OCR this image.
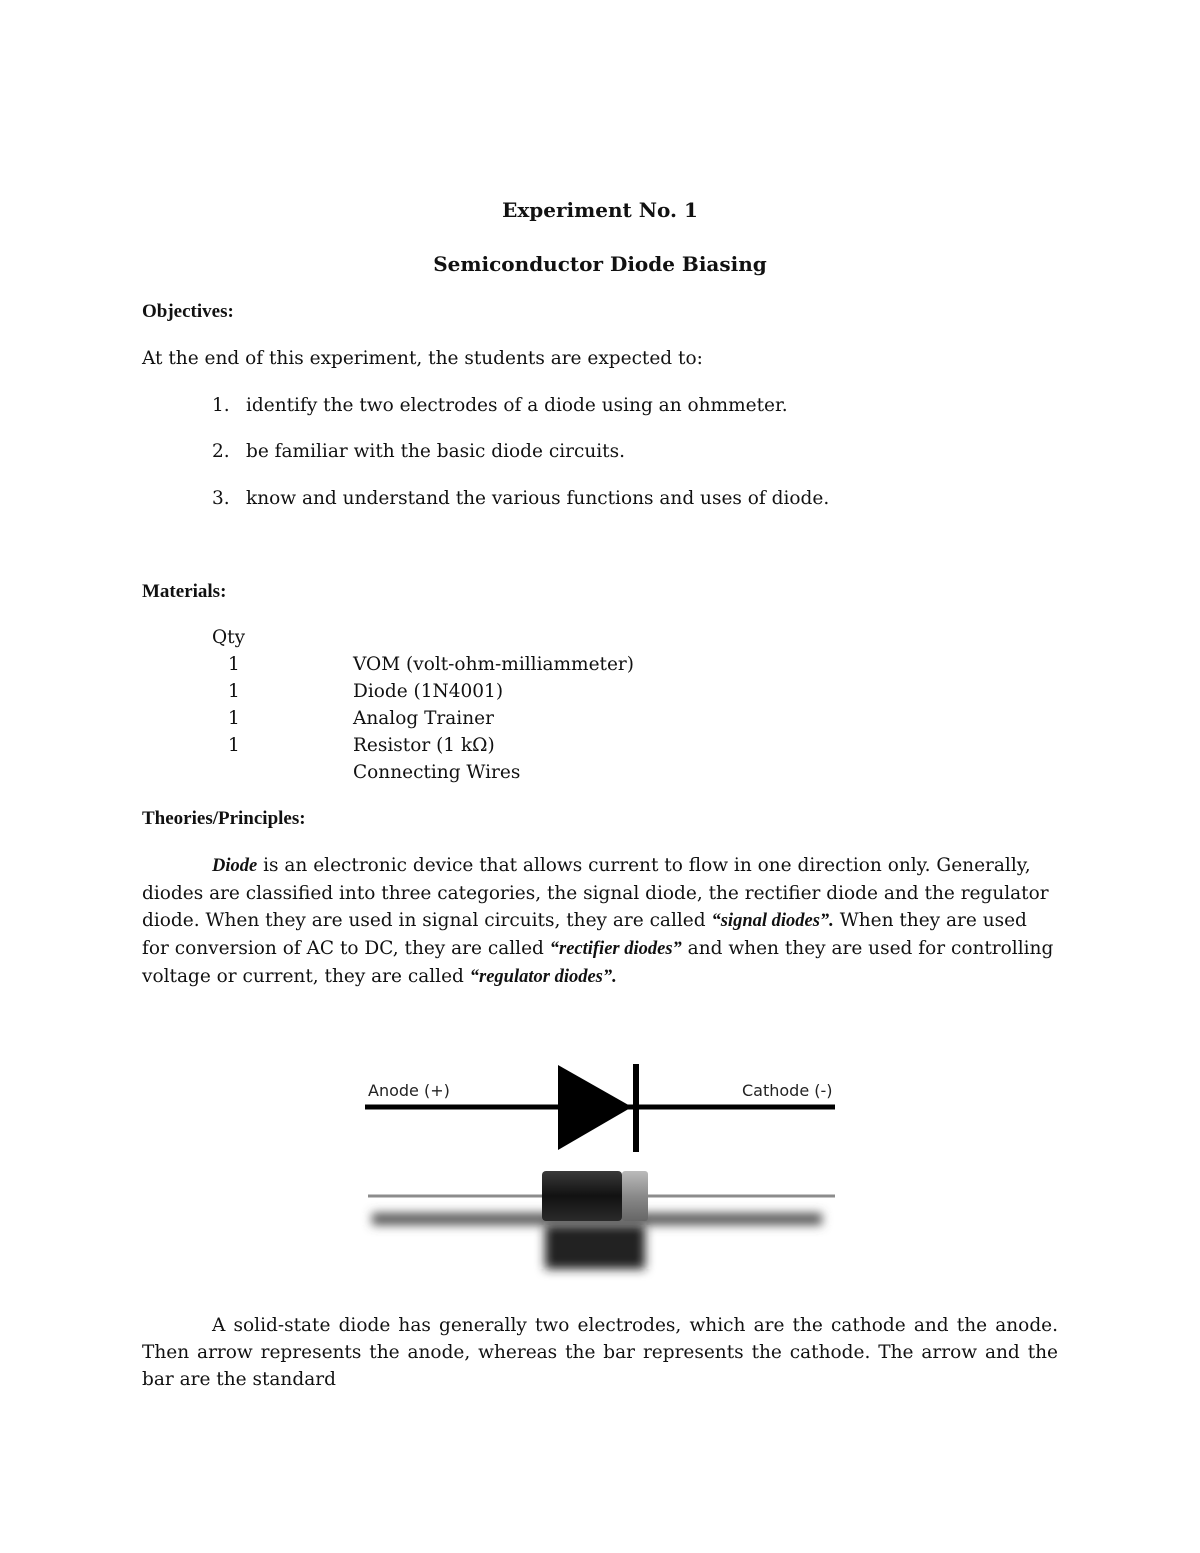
Experiment No. 1
Semiconductor Diode Biasing
Objectives:
At the end of this experiment, the students are expected to:
1. identify the two electrodes of a diode using an ohmmeter.
2. be familiar with the basic diode circuits.
3. know and understand the various functions and uses of diode.
Materials:
Qty
1	VOM (volt-ohm-milliammeter)
1	Diode (1N4001)
1	Analog Trainer
1	Resistor (1 kΩ)
Connecting Wires
Theories/Principles:

Diode is an electronic device that allows current to flow in one direction only. Generally, diodes are classified into three categories, the signal diode, the rectifier diode and the regulator diode. When they are used in signal circuits, they are called “signal diodes”. When they are used for conversion of AC to DC, they are called “rectifier diodes” and when they are used for controlling voltage or current, they are called “regulator diodes”.

Anode (+)	Cathode (-)

A solid-state diode has generally two electrodes, which are the cathode and the anode. Then arrow represents the anode, whereas the bar represents the cathode. The arrow and the bar are the standard
